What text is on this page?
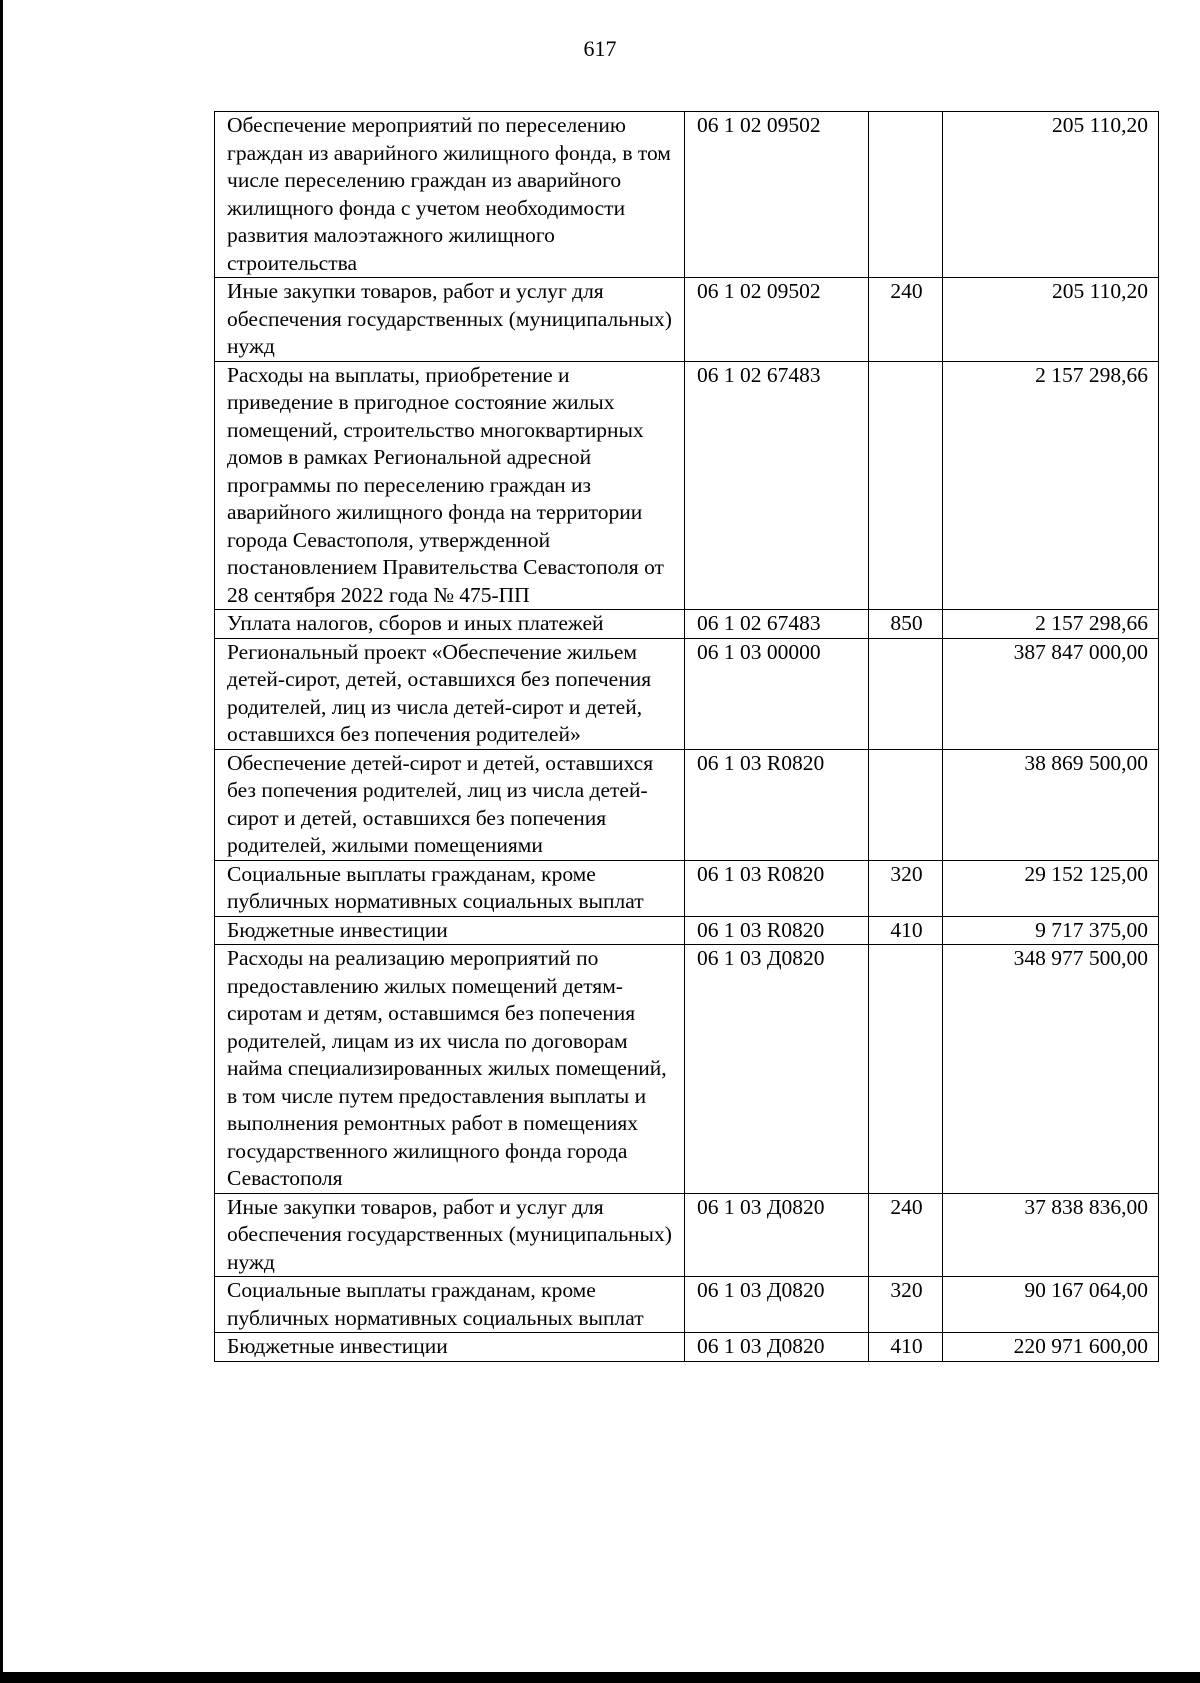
617
Обеспечение мероприятий по переселению граждан из аварийного жилищного фонда, в том числе переселению граждан из аварийного жилищного фонда с учетом необходимости развития малоэтажного жилищного строительства	06 1 02 09502		205 110,20
Иные закупки товаров, работ и услуг для обеспечения государственных (муниципальных) нужд	06 1 02 09502	240	205 110,20
Расходы на выплаты, приобретение и приведение в пригодное состояние жилых помещений, строительство многоквартирных домов в рамках Региональной адресной программы по переселению граждан из аварийного жилищного фонда на территории города Севастополя, утвержденной постановлением Правительства Севастополя от 28 сентября 2022 года № 475-ПП	06 1 02 67483		2 157 298,66
Уплата налогов, сборов и иных платежей	06 1 02 67483	850	2 157 298,66
Региональный проект «Обеспечение жильем детей-сирот, детей, оставшихся без попечения родителей, лиц из числа детей-сирот и детей, оставшихся без попечения родителей»	06 1 03 00000		387 847 000,00
Обеспечение детей-сирот и детей, оставшихся без попечения родителей, лиц из числа детей-сирот и детей, оставшихся без попечения родителей, жилыми помещениями	06 1 03 R0820		38 869 500,00
Социальные выплаты гражданам, кроме публичных нормативных социальных выплат	06 1 03 R0820	320	29 152 125,00
Бюджетные инвестиции	06 1 03 R0820	410	9 717 375,00
Расходы на реализацию мероприятий по предоставлению жилых помещений детям-сиротам и детям, оставшимся без попечения родителей, лицам из их числа по договорам найма специализированных жилых помещений, в том числе путем предоставления выплаты и выполнения ремонтных работ в помещениях государственного жилищного фонда города Севастополя	06 1 03 Д0820		348 977 500,00
Иные закупки товаров, работ и услуг для обеспечения государственных (муниципальных) нужд	06 1 03 Д0820	240	37 838 836,00
Социальные выплаты гражданам, кроме публичных нормативных социальных выплат	06 1 03 Д0820	320	90 167 064,00
Бюджетные инвестиции	06 1 03 Д0820	410	220 971 600,00
